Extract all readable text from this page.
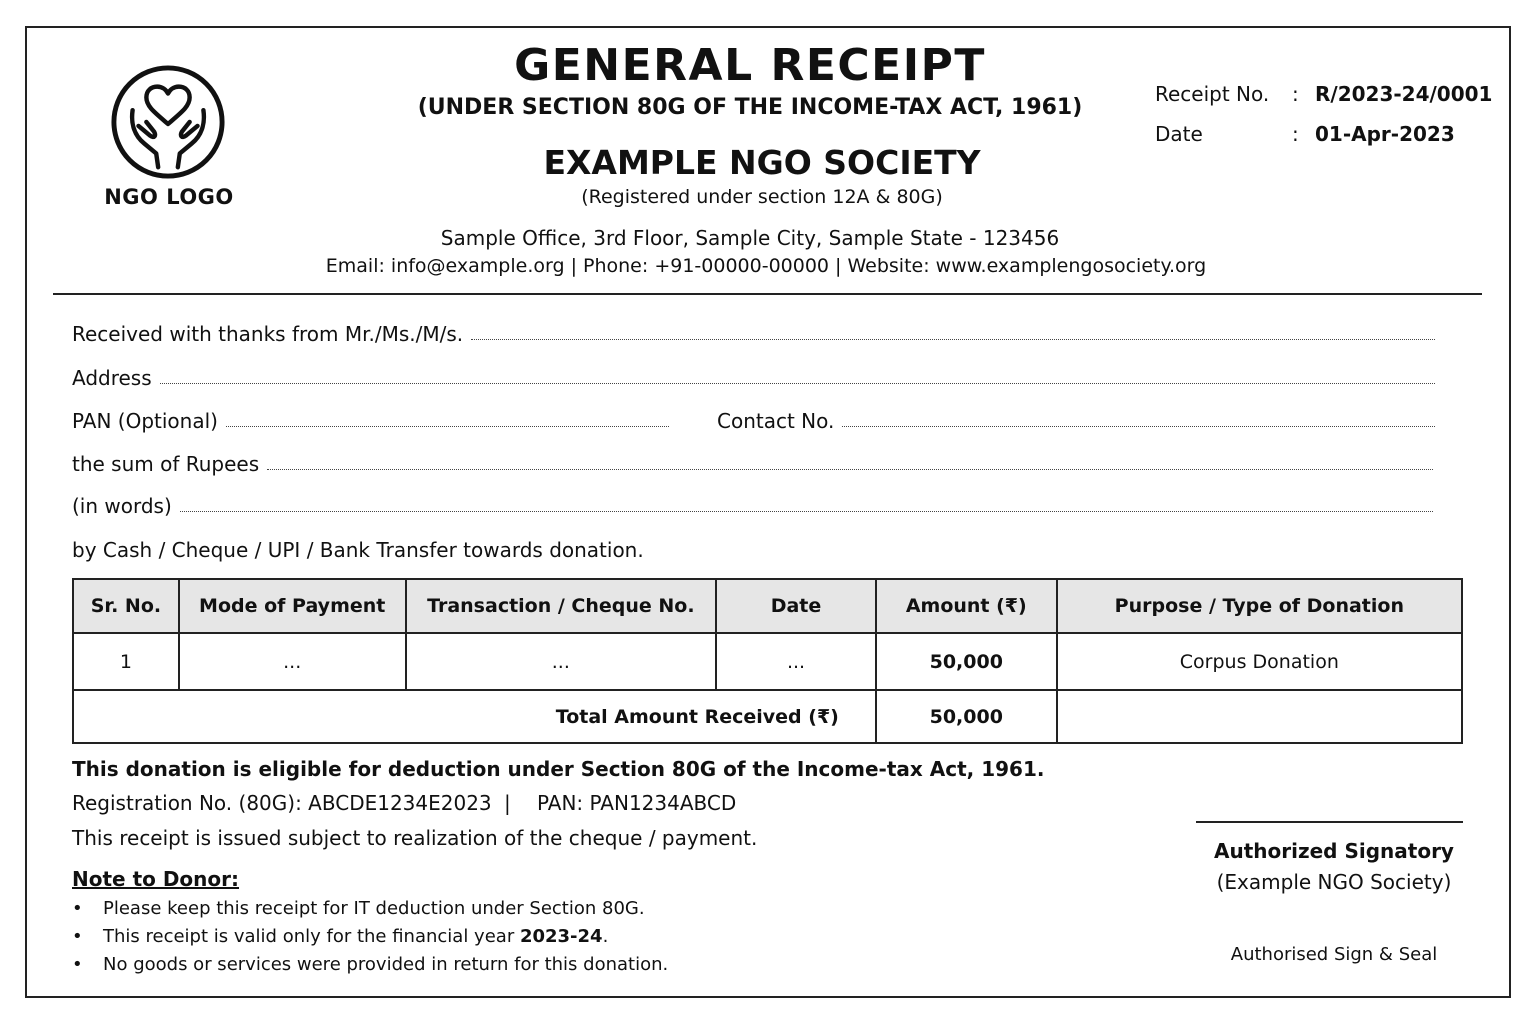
NGO LOGO
GENERAL RECEIPT
(UNDER SECTION 80G OF THE INCOME-TAX ACT, 1961)
EXAMPLE NGO SOCIETY
(Registered under section 12A & 80G)
Sample Office, 3rd Floor, Sample City, Sample State - 123456
Email: info@example.org | Phone: +91-00000-00000 | Website: www.examplengosociety.org
Receipt No. : R/2023-24/0001
Date	: 01-Apr-2023
Received with thanks from Mr./Ms./M/s.
Address
PAN (Optional)	Contact No.
the sum of Rupees
(in words)
by Cash / Cheque / UPI / Bank Transfer towards donation.
Sr. No.	Mode of Payment	Transaction / Cheque No.	Date	Amount (₹)	Purpose / Type of Donation
1	...	...	...	50,000	Corpus Donation
Total Amount Received (₹)				50,000	
This donation is eligible for deduction under Section 80G of the Income-tax Act, 1961.
Registration No. (80G): ABCDE1234E2023 | PAN: PAN1234ABCD
This receipt is issued subject to realization of the cheque / payment.
Note to Donor:
• Please keep this receipt for IT deduction under Section 80G.
• This receipt is valid only for the financial year 2023-24.
• No goods or services were provided in return for this donation.
Authorized Signatory
(Example NGO Society)
Authorised Sign & Seal
